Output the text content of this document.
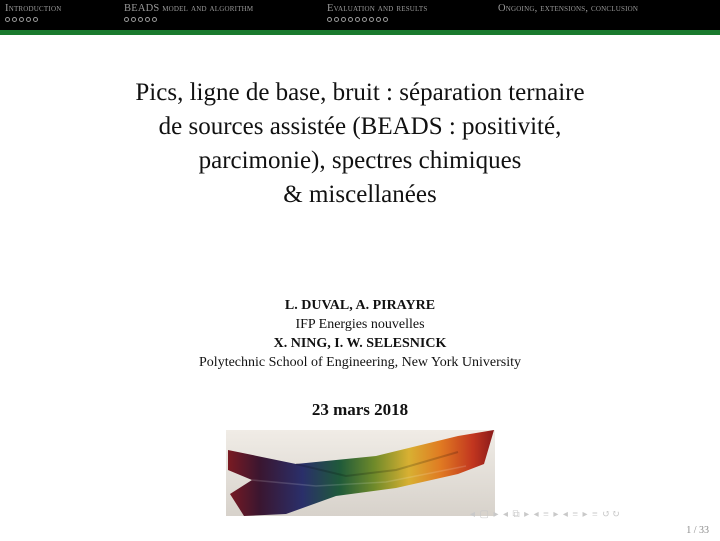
Introduction	BEADS model and algorithm	Evaluation and results	Ongoing, extensions, conclusion
Pics, ligne de base, bruit : séparation ternaire
de sources assistée (BEADS : positivité,
parcimonie), spectres chimiques
& miscellanées
L. DUVAL, A. PIRAYRE
IFP Energies nouvelles
X. NING, I. W. SELESNICK
Polytechnic School of Engineering, New York University
23 mars 2018
◂ ▢ ▸ ◂ ⧉ ▸ ◂ ≡ ▸ ◂ ≡ ▸ ≡ ↺↻
1 / 33
